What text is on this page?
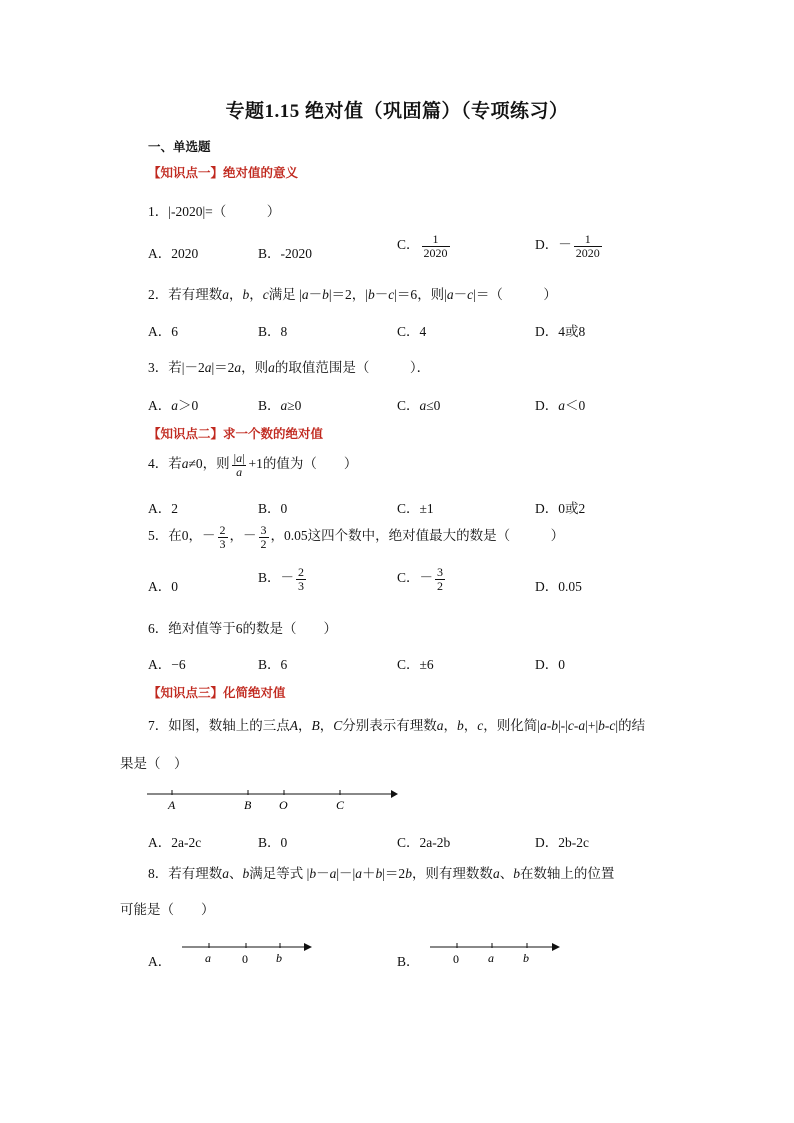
专题1.15 绝对值（巩固篇）（专项练习）
一、单选题
【知识点一】绝对值的意义
1．|-2020|=（　　　）
A．2020	B．-2020
C． $\frac{1}{2020}$	D．－ $\frac{1}{2020}$
2．若有理数a，b，c满足 |a－b|＝2，|b－c|＝6，则|a－c|＝（　　　）
A．6	B．8	C．4	D．4或8
3．若|－2a|＝2a，则a的取值范围是（　　　）．
A．a＞0	B．a≥0	C．a≤0	D．a＜0
【知识点二】求一个数的绝对值
4．若a≠0，则 $\frac{|a|}{a} +1$的值为（　　）
A．2	B．0	C．±1	D．0或2
5．在0，－ $\frac{2}{3}$ ，－ $\frac{3}{2}$ ，0.05这四个数中，绝对值最大的数是（　　　）
A．0
B．－ $\frac{2}{3}$	C．－ $\frac{3}{2}$	D．0.05
6．绝对值等于6的数是（　　）
A．−6	B．6	C．±6	D．0
【知识点三】化简绝对值
7．如图，数轴上的三点A，B，C分别表示有理数a，b，c，则化简|a-b|-|c-a|+|b-c|的结
果是（　）
A	B O	C
A．2a-2c	B．0	C．2a-2b	D．2b-2c
8．若有理数a、b满足等式 |b－a|－|a＋b|＝2b，则有理数数a、b在数轴上的位置
可能是（　　）
A．	a	0 b	B．	0 a b
